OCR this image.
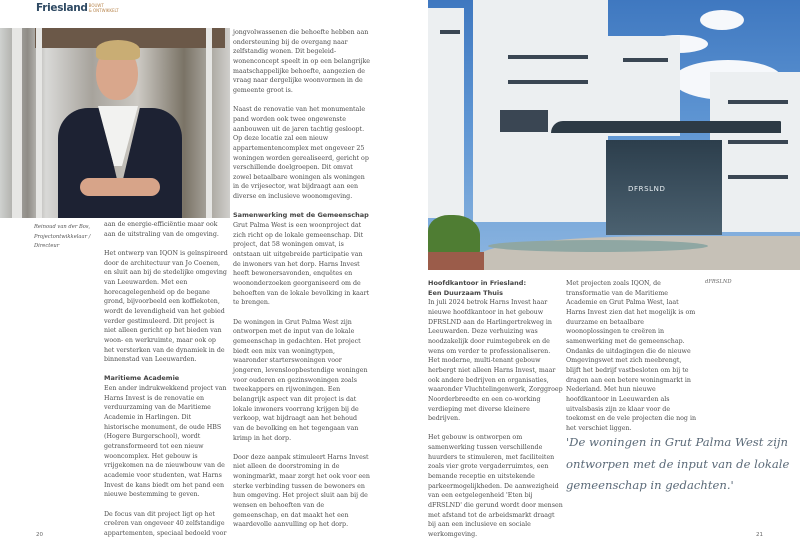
Friesland BOUWT
& ONTWIKKELT
Reinoud van der Bos, Projectontwikkelaar / Directeur

aan de energie-efficiëntie maar ook aan de uitstraling van de omgeving.

Het ontwerp van IQON is geïnspireerd door de architectuur van Jo Coenen, en sluit aan bij de stedelijke omgeving van Leeuwarden. Met een horecagelegenheid op de begane grond, bijvoorbeeld een koffiekoten, wordt de levendigheid van het gebied verder gestimuleerd. Dit project is niet alleen gericht op het bieden van woon- en werkruimte, maar ook op het versterken van de dynamiek in de binnenstad van Leeuwarden.

Maritieme Academie

Een ander indrukwekkend project van Harns Invest is de renovatie en verduurzaming van de Maritieme Academie in Harlingen. Dit historische monument, de oude HBS (Hogere Burgerschool), wordt getransformeerd tot een nieuw wooncomplex. Het gebouw is vrijgekomen na de nieuwbouw van de academie voor studenten, wat Harns Invest de kans biedt om het pand een nieuwe bestemming te geven.

De focus van dit project ligt op het creëren van ongeveer 40 zelfstandige appartementen, speciaal bedoeld voor

jongvolwassenen die behoefte hebben aan ondersteuning bij de overgang naar zelfstandig wonen. Dit begeleid-wonenconcept speelt in op een belangrijke maatschappelijke behoefte, aangezien de vraag naar dergelijke woonvormen in de gemeente groot is.

Naast de renovatie van het monumentale pand worden ook twee ongewenste aanbouwen uit de jaren tachtig gesloopt. Op deze locatie zal een nieuw appartementencomplex met ongeveer 25 woningen worden gerealiseerd, gericht op verschillende doelgroepen. Dit omvat zowel betaalbare woningen als woningen in de vrijesector, wat bijdraagt aan een diverse en inclusieve woonomgeving.

Samenwerking met de Gemeenschap

Grut Palma West is een woonproject dat zich richt op de lokale gemeenschap. Dit project, dat 58 woningen omvat, is ontstaan uit uitgebreide participatie van de inwoners van het dorp. Harns Invest heeft bewonersavonden, enquêtes en woononderzoeken georganiseerd om de behoeften van de lokale bevolking in kaart te brengen.

De woningen in Grut Palma West zijn ontworpen met de input van de lokale gemeenschap in gedachten. Het project biedt een mix van woningtypen, waaronder starterswoningen voor jongeren, levensloopbestendige woningen voor ouderen en gezinswoningen zoals tweekappers en rijwoningen. Een belangrijk aspect van dit project is dat lokale inwoners voorrang krijgen bij de verkoop, wat bijdraagt aan het behoud van de bevolking en het tegengaan van krimp in het dorp.

Door deze aanpak stimuleert Harns Invest niet alleen de doorstroming in de woningmarkt, maar zorgt het ook voor een sterke verbinding tussen de bewoners en hun omgeving. Het project sluit aan bij de wensen en behoeften van de gemeenschap, en dat maakt het een waardevolle aanvulling op het dorp.

20
DFRSLND
Hoofdkantoor in Friesland:
Een Duurzaam Thuis

In juli 2024 betrok Harns Invest haar nieuwe hoofdkantoor in het gebouw DFRSLND aan de Harlingertrekweg in Leeuwarden. Deze verhuizing was noodzakelijk door ruimtegebrek en de wens om verder te professionaliseren. Het moderne, multi-tenant gebouw herbergt niet alleen Harns Invest, maar ook andere bedrijven en organisaties, waaronder Vluchtelingenwerk, Zorggroep Noorderbreedte en een co-working verdieping met diverse kleinere bedrijven.

Het gebouw is ontworpen om samenwerking tussen verschillende huurders te stimuleren, met faciliteiten zoals vier grote vergaderruimtes, een bemande receptie en uitstekende parkeermogelijkheden. De aanwezigheid van een eetgelegenheid 'Eten bij dFRSLND' die gerund wordt door mensen met afstand tot de arbeidsmarkt draagt bij aan een inclusieve en sociale werkomgeving.

Met projecten zoals IQON, de transformatie van de Maritieme Academie en Grut Palma West, laat Harns Invest zien dat het mogelijk is om duurzame en betaalbare woonoplossingen te creëren in samenwerking met de gemeenschap. Ondanks de uitdagingen die de nieuwe Omgevingswet met zich meebrengt, blijft het bedrijf vastbesloten om bij te dragen aan een betere woningmarkt in Nederland. Met hun nieuwe hoofdkantoor in Leeuwarden als uitvalsbasis zijn ze klaar voor de toekomst en de vele projecten die nog in het verschiet liggen.

dFRSLND
'De woningen in Grut Palma West zijn ontworpen met de input van de lokale gemeenschap in gedachten.'
21
